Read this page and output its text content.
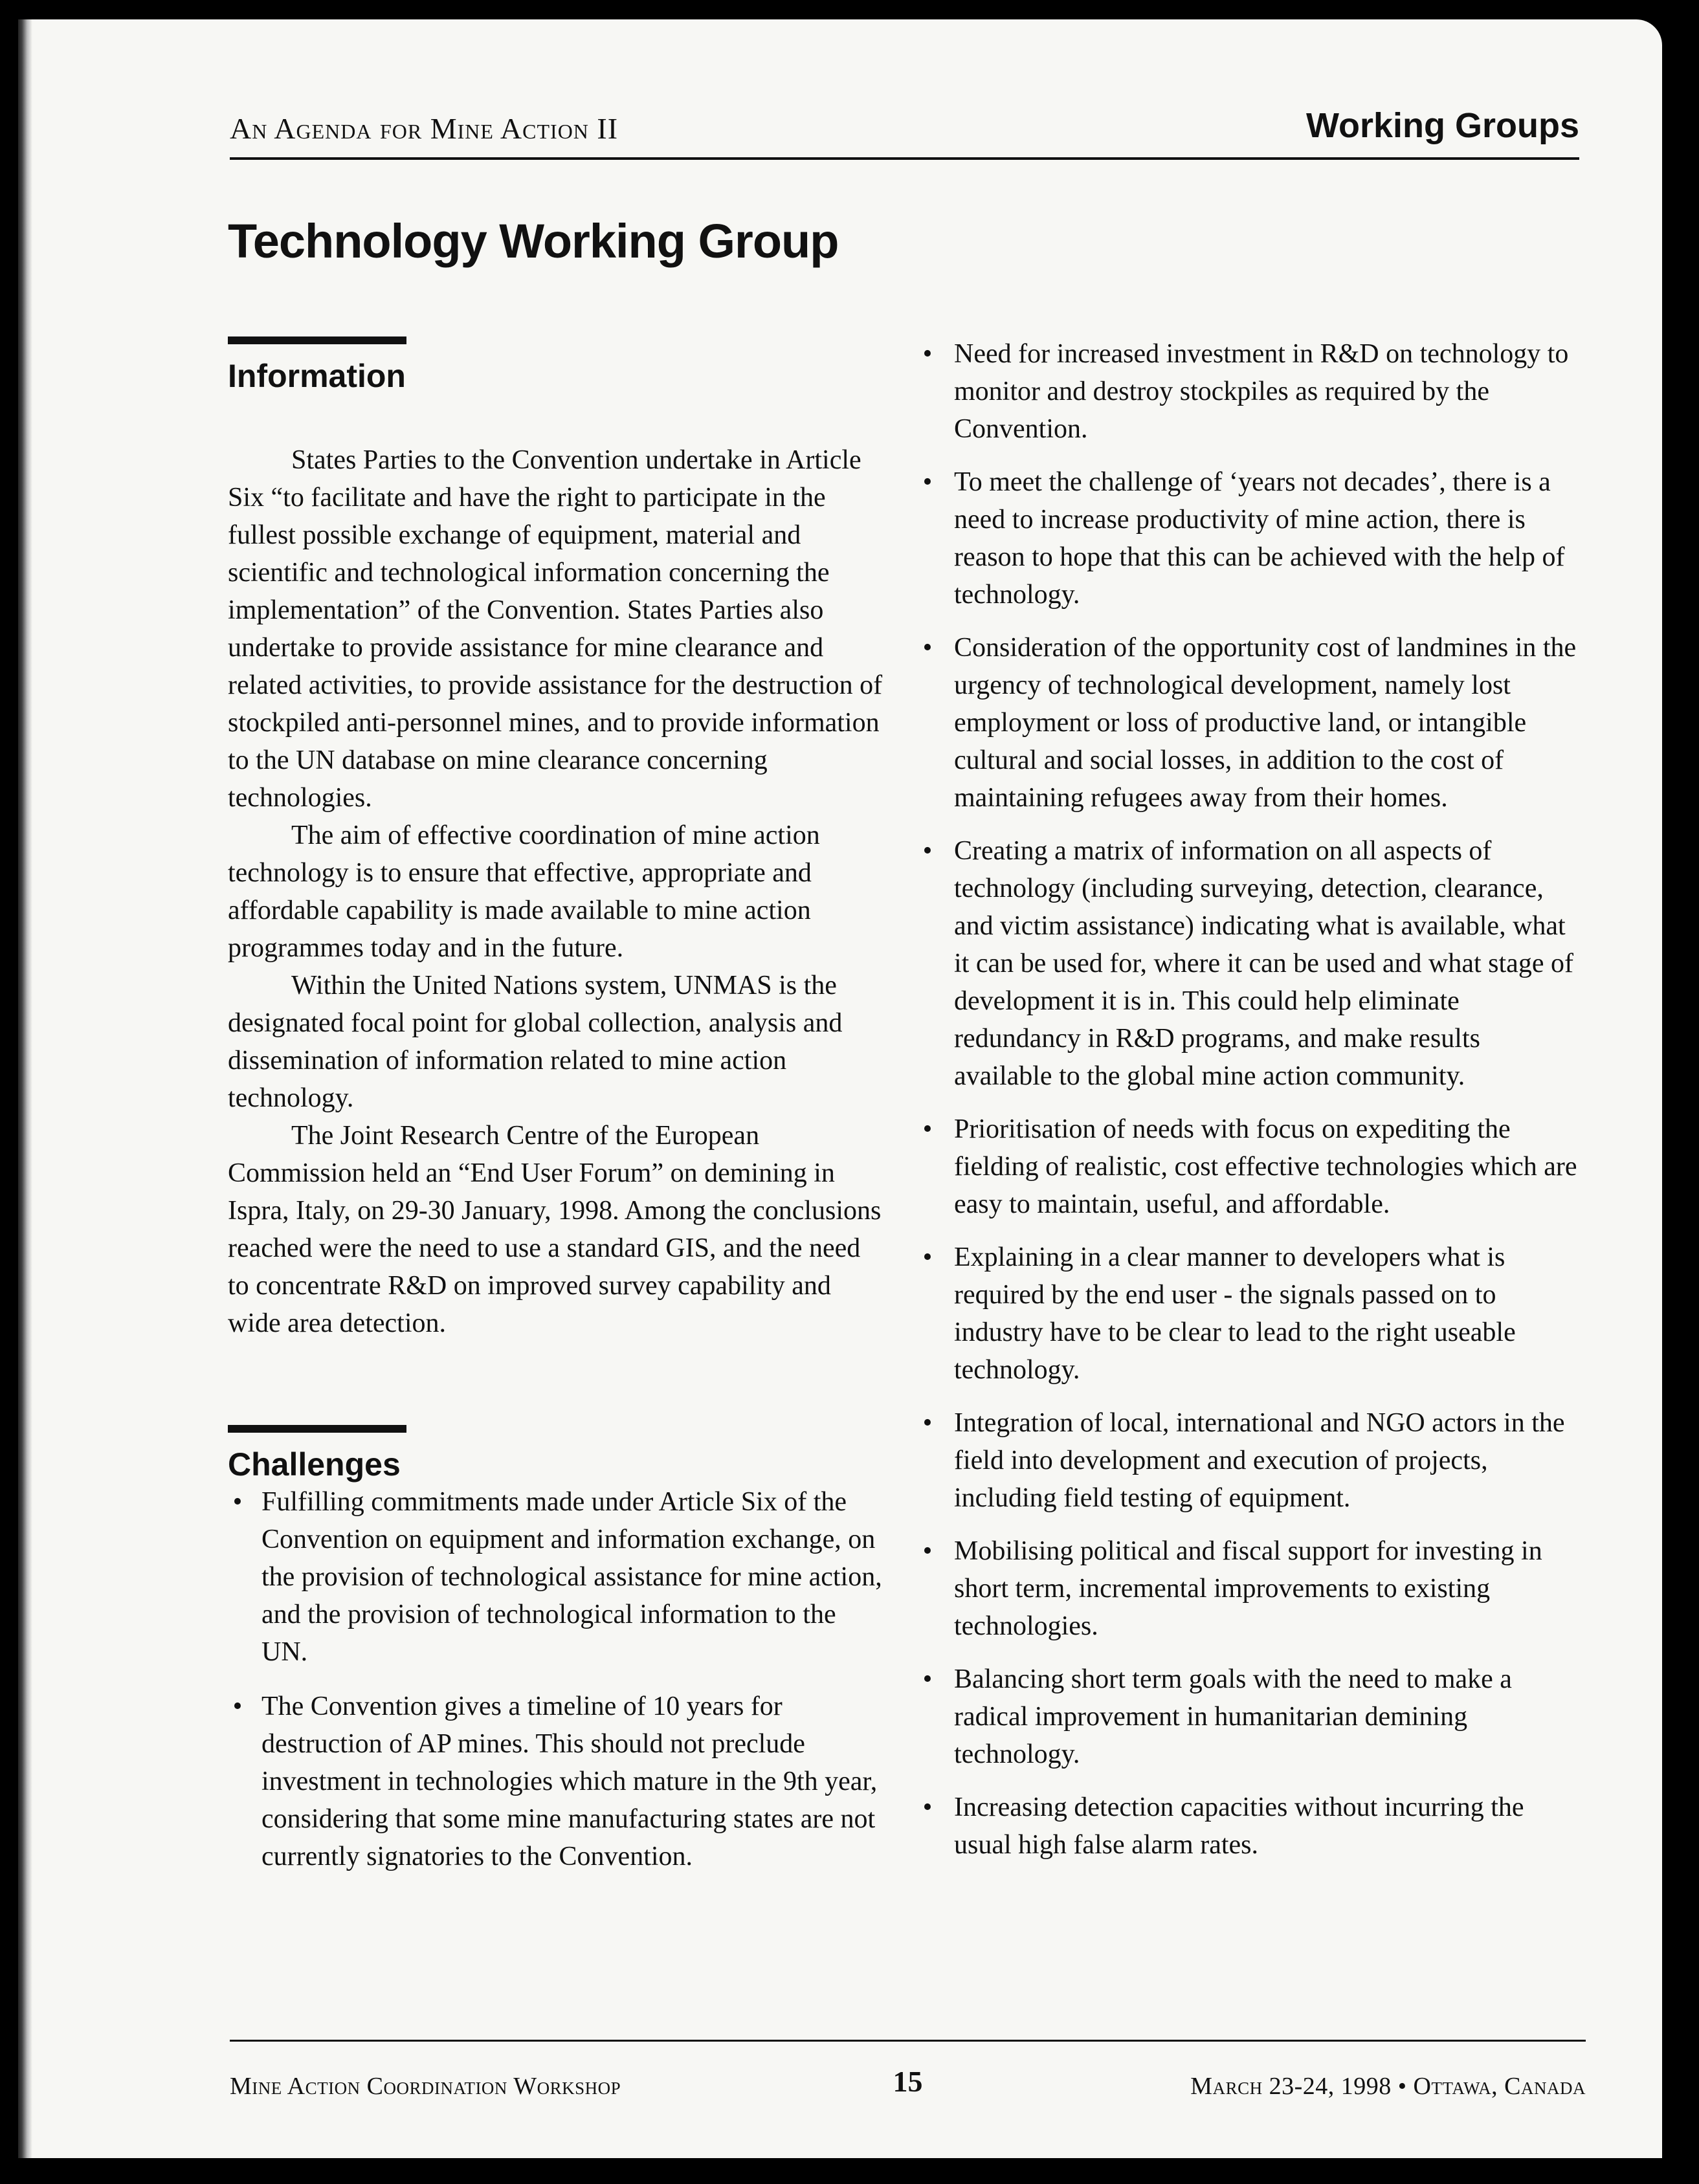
An Agenda for Mine Action II	Working Groups
Technology Working Group
Information

States Parties to the Convention undertake in Article Six “to facilitate and have the right to participate in the fullest possible exchange of equipment, material and scientific and technological information concerning the implementation” of the Convention. States Parties also undertake to provide assistance for mine clearance and related activities, to provide assistance for the destruction of stockpiled anti-personnel mines, and to provide information to the UN database on mine clearance concerning technologies.

The aim of effective coordination of mine action technology is to ensure that effective, appropriate and affordable capability is made available to mine action programmes today and in the future.

Within the United Nations system, UNMAS is the designated focal point for global collection, analysis and dissemination of information related to mine action technology.

The Joint Research Centre of the European Commission held an “End User Forum” on demining in Ispra, Italy, on 29-30 January, 1998. Among the conclusions reached were the need to use a standard GIS, and the need to concentrate R&D on improved survey capability and wide area detection.

Challenges
• Fulfilling commitments made under Article Six of the Convention on equipment and information exchange, on the provision of technological assistance for mine action, and the provision of technological information to the UN.
• The Convention gives a timeline of 10 years for destruction of AP mines. This should not preclude investment in technologies which mature in the 9th year, considering that some mine manufacturing states are not currently signatories to the Convention.
• Need for increased investment in R&D on technology to monitor and destroy stockpiles as required by the Convention.
• To meet the challenge of ‘years not decades’, there is a need to increase productivity of mine action, there is reason to hope that this can be achieved with the help of technology.
• Consideration of the opportunity cost of landmines in the urgency of technological development, namely lost employment or loss of productive land, or intangible cultural and social losses, in addition to the cost of maintaining refugees away from their homes.
• Creating a matrix of information on all aspects of technology (including surveying, detection, clearance, and victim assistance) indicating what is available, what it can be used for, where it can be used and what stage of development it is in. This could help eliminate redundancy in R&D programs, and make results available to the global mine action community.
• Prioritisation of needs with focus on expediting the fielding of realistic, cost effective technologies which are easy to maintain, useful, and affordable.
• Explaining in a clear manner to developers what is required by the end user - the signals passed on to industry have to be clear to lead to the right useable technology.
• Integration of local, international and NGO actors in the field into development and execution of projects, including field testing of equipment.
• Mobilising political and fiscal support for investing in short term, incremental improvements to existing technologies.
• Balancing short term goals with the need to make a radical improvement in humanitarian demining technology.
• Increasing detection capacities without incurring the usual high false alarm rates.
Mine Action Coordination Workshop	15	March 23-24, 1998 • Ottawa, Canada
